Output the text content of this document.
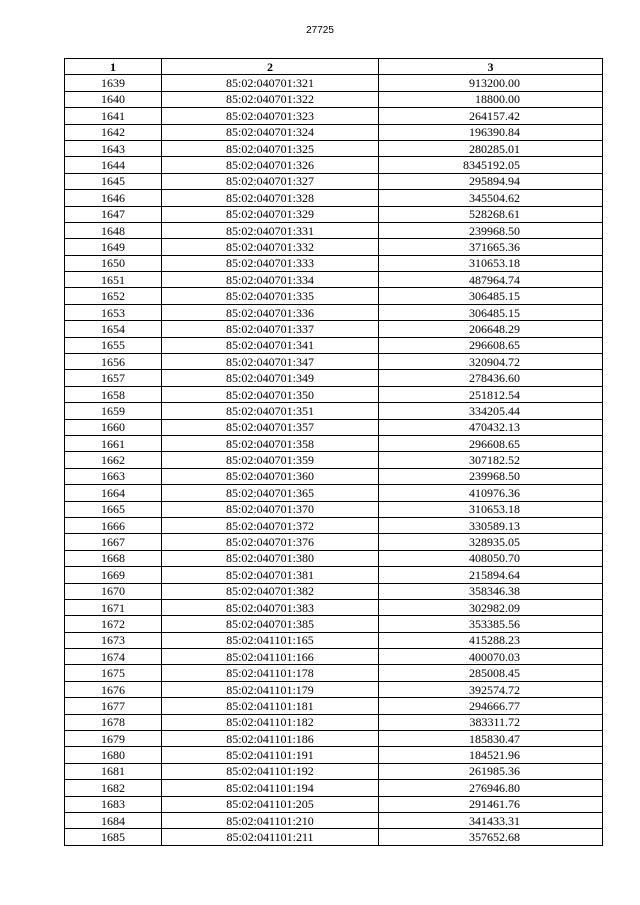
27725
1	2	3
1639	85:02:040701:321	913200.00
1640	85:02:040701:322	18800.00
1641	85:02:040701:323	264157.42
1642	85:02:040701:324	196390.84
1643	85:02:040701:325	280285.01
1644	85:02:040701:326	8345192.05
1645	85:02:040701:327	295894.94
1646	85:02:040701:328	345504.62
1647	85:02:040701:329	528268.61
1648	85:02:040701:331	239968.50
1649	85:02:040701:332	371665.36
1650	85:02:040701:333	310653.18
1651	85:02:040701:334	487964.74
1652	85:02:040701:335	306485.15
1653	85:02:040701:336	306485.15
1654	85:02:040701:337	206648.29
1655	85:02:040701:341	296608.65
1656	85:02:040701:347	320904.72
1657	85:02:040701:349	278436.60
1658	85:02:040701:350	251812.54
1659	85:02:040701:351	334205.44
1660	85:02:040701:357	470432.13
1661	85:02:040701:358	296608.65
1662	85:02:040701:359	307182.52
1663	85:02:040701:360	239968.50
1664	85:02:040701:365	410976.36
1665	85:02:040701:370	310653.18
1666	85:02:040701:372	330589.13
1667	85:02:040701:376	328935.05
1668	85:02:040701:380	408050.70
1669	85:02:040701:381	215894.64
1670	85:02:040701:382	358346.38
1671	85:02:040701:383	302982.09
1672	85:02:040701:385	353385.56
1673	85:02:041101:165	415288.23
1674	85:02:041101:166	400070.03
1675	85:02:041101:178	285008.45
1676	85:02:041101:179	392574.72
1677	85:02:041101:181	294666.77
1678	85:02:041101:182	383311.72
1679	85:02:041101:186	185830.47
1680	85:02:041101:191	184521.96
1681	85:02:041101:192	261985.36
1682	85:02:041101:194	276946.80
1683	85:02:041101:205	291461.76
1684	85:02:041101:210	341433.31
1685	85:02:041101:211	357652.68
